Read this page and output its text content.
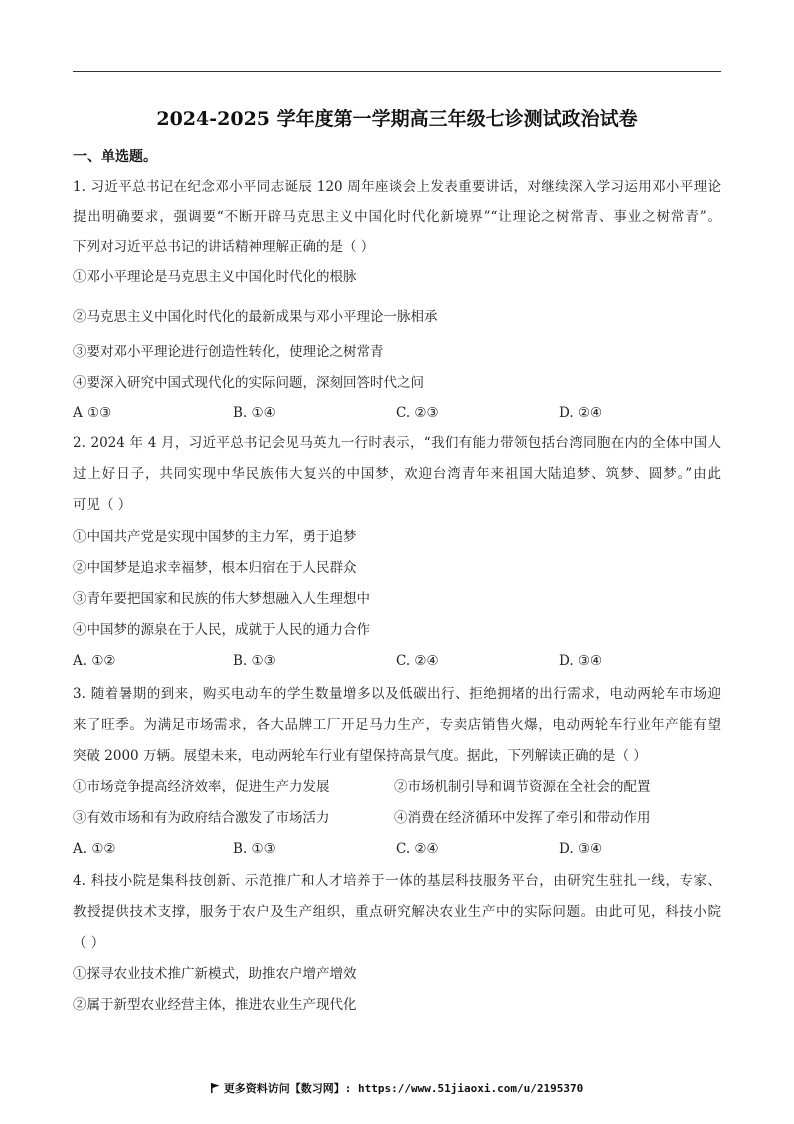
2024-2025 学年度第一学期高三年级七诊测试政治试卷
一、单选题。
1. 习近平总书记在纪念邓小平同志诞辰 120 周年座谈会上发表重要讲话，对继续深入学习运用邓小平理论
提出明确要求，强调要“不断开辟马克思主义中国化时代化新境界”“让理论之树常青、事业之树常青”。
下列对习近平总书记的讲话精神理解正确的是（ ）
①邓小平理论是马克思主义中国化时代化的根脉
②马克思主义中国化时代化的最新成果与邓小平理论一脉相承
③要对邓小平理论进行创造性转化，使理论之树常青
④要深入研究中国式现代化的实际问题，深刻回答时代之问
A ①③	B. ①④	C. ②③	D. ②④
2. 2024 年 4 月，习近平总书记会见马英九一行时表示，“我们有能力带领包括台湾同胞在内的全体中国人
过上好日子，共同实现中华民族伟大复兴的中国梦，欢迎台湾青年来祖国大陆追梦、筑梦、圆梦。”由此
可见（ ）
①中国共产党是实现中国梦的主力军，勇于追梦
②中国梦是追求幸福梦，根本归宿在于人民群众
③青年要把国家和民族的伟大梦想融入人生理想中
④中国梦的源泉在于人民，成就于人民的通力合作
A. ①②	B. ①③	C. ②④	D. ③④
3. 随着暑期的到来，购买电动车的学生数量增多以及低碳出行、拒绝拥堵的出行需求，电动两轮车市场迎
来了旺季。为满足市场需求，各大品牌工厂开足马力生产，专卖店销售火爆，电动两轮车行业年产能有望
突破 2000 万辆。展望未来，电动两轮车行业有望保持高景气度。据此，下列解读正确的是（ ）
①市场竞争提高经济效率，促进生产力发展	②市场机制引导和调节资源在全社会的配置
③有效市场和有为政府结合激发了市场活力	④消费在经济循环中发挥了牵引和带动作用
A. ①②	B. ①③	C. ②④	D. ③④
4. 科技小院是集科技创新、示范推广和人才培养于一体的基层科技服务平台，由研究生驻扎一线，专家、
教授提供技术支撑，服务于农户及生产组织，重点研究解决农业生产中的实际问题。由此可见，科技小院
（ ）
①探寻农业技术推广新模式，助推农户增产增效
②属于新型农业经营主体，推进农业生产现代化
更多资料访问【数习网】: https://www.51jiaoxi.com/u/2195370
